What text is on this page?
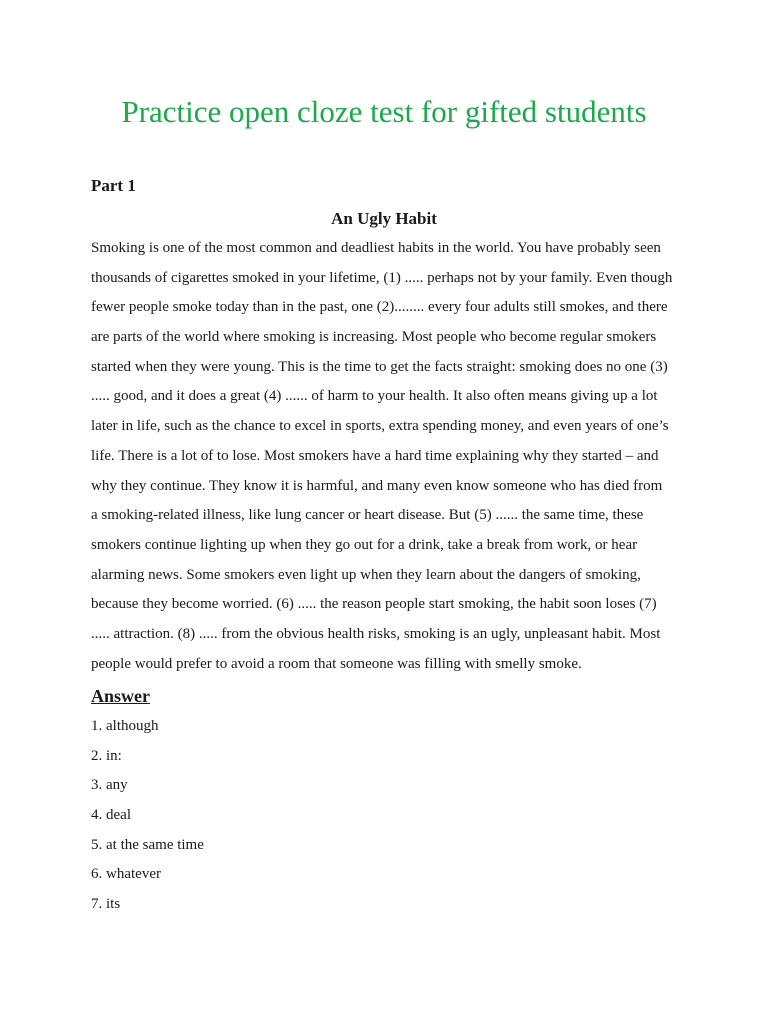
Practice open cloze test for gifted students
Part 1
An Ugly Habit
Smoking is one of the most common and deadliest habits in the world. You have probably seen
thousands of cigarettes smoked in your lifetime, (1) ..... perhaps not by your family. Even though
fewer people smoke today than in the past, one (2)........ every four adults still smokes, and there
are parts of the world where smoking is increasing. Most people who become regular smokers
started when they were young. This is the time to get the facts straight: smoking does no one (3)
..... good, and it does a great (4) ...... of harm to your health. It also often means giving up a lot
later in life, such as the chance to excel in sports, extra spending money, and even years of one’s
life. There is a lot of to lose. Most smokers have a hard time explaining why they started – and
why they continue. They know it is harmful, and many even know someone who has died from
a smoking-related illness, like lung cancer or heart disease. But (5) ...... the same time, these
smokers continue lighting up when they go out for a drink, take a break from work, or hear
alarming news. Some smokers even light up when they learn about the dangers of smoking,
because they become worried. (6) ..... the reason people start smoking, the habit soon loses (7)
..... attraction. (8) ..... from the obvious health risks, smoking is an ugly, unpleasant habit. Most
people would prefer to avoid a room that someone was filling with smelly smoke.
Answer
1. although
2. in:
3. any
4. deal
5. at the same time
6. whatever
7. its
